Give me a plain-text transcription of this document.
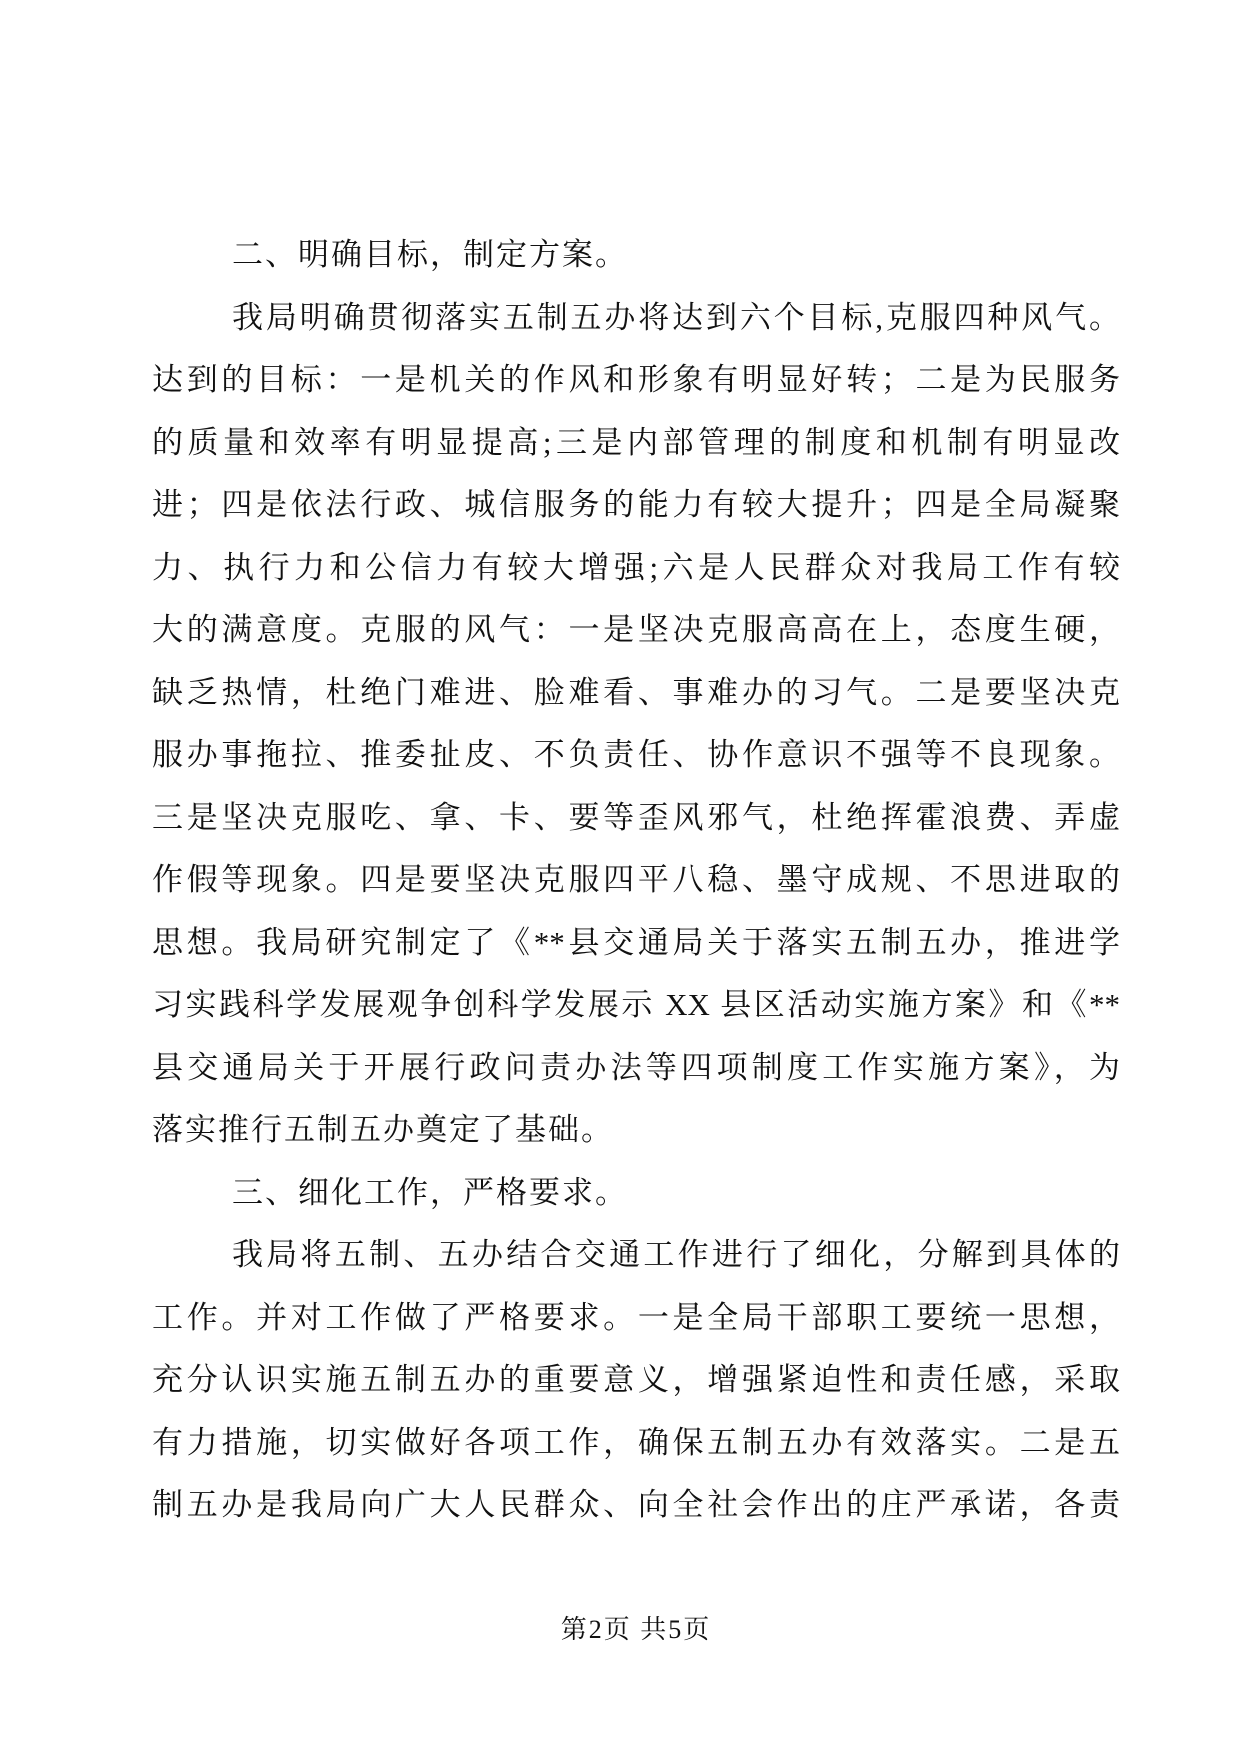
二、明确目标，制定方案。
我局明确贯彻落实五制五办将达到六个目标,克服四种风气。
达到的目标：一是机关的作风和形象有明显好转；二是为民服务
的质量和效率有明显提高;三是内部管理的制度和机制有明显改
进；四是依法行政、城信服务的能力有较大提升；四是全局凝聚
力、执行力和公信力有较大增强;六是人民群众对我局工作有较
大的满意度。克服的风气：一是坚决克服高高在上，态度生硬，
缺乏热情，杜绝门难进、脸难看、事难办的习气。二是要坚决克
服办事拖拉、推委扯皮、不负责任、协作意识不强等不良现象。
三是坚决克服吃、拿、卡、要等歪风邪气，杜绝挥霍浪费、弄虚
作假等现象。四是要坚决克服四平八稳、墨守成规、不思进取的
思想。我局研究制定了《**县交通局关于落实五制五办，推进学
习实践科学发展观争创科学发展示 XX 县区活动实施方案》和《**
县交通局关于开展行政问责办法等四项制度工作实施方案》，为
落实推行五制五办奠定了基础。
三、细化工作，严格要求。
我局将五制、五办结合交通工作进行了细化，分解到具体的
工作。并对工作做了严格要求。一是全局干部职工要统一思想，
充分认识实施五制五办的重要意义，增强紧迫性和责任感，采取
有力措施，切实做好各项工作，确保五制五办有效落实。二是五
制五办是我局向广大人民群众、向全社会作出的庄严承诺，各责
第2页 共5页
